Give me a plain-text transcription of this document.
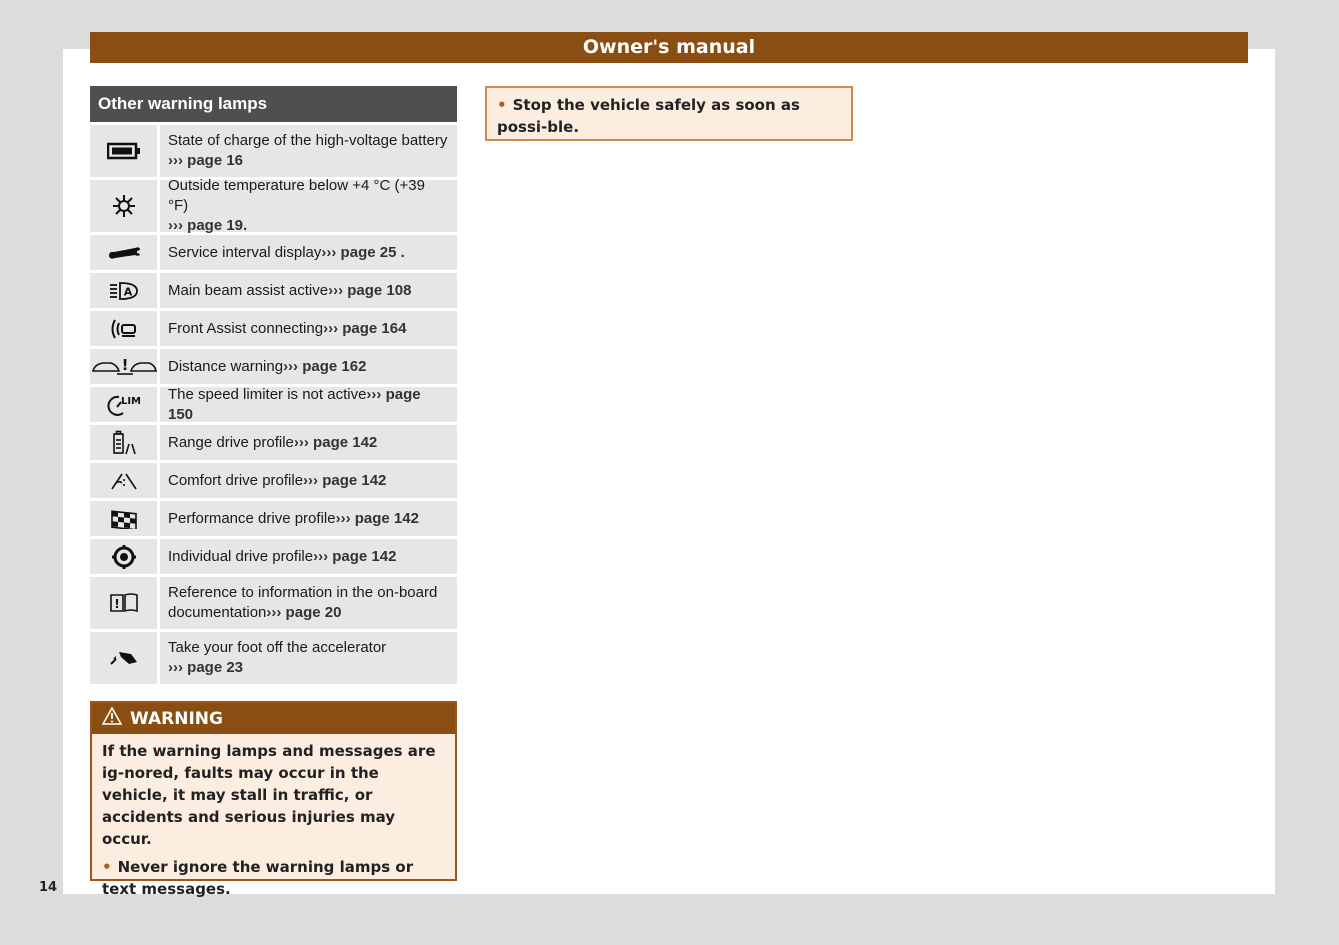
Owner's manual
Other warning lamps
State of charge of the high-voltage battery
››› page 16
Outside temperature below +4 °C (+39 °F)
››› page 19.
Service interval display››› page 25 .
A Main beam assist active››› page 108
Front Assist connecting››› page 164
!	Distance warning››› page 162
LIM The speed limiter is not active››› page 150
Range drive profile››› page 142
Comfort drive profile››› page 142
Performance drive profile››› page 142
Individual drive profile››› page 142
!
Reference to information in the on-board documentation››› page 20
Take your foot off the accelerator
››› page 23
WARNING

If the warning lamps and messages are ig-nored, faults may occur in the vehicle, it may stall in traffic, or accidents and serious injuries may occur.

• Never ignore the warning lamps or text messages.

• Stop the vehicle safely as soon as possi-ble.
14
